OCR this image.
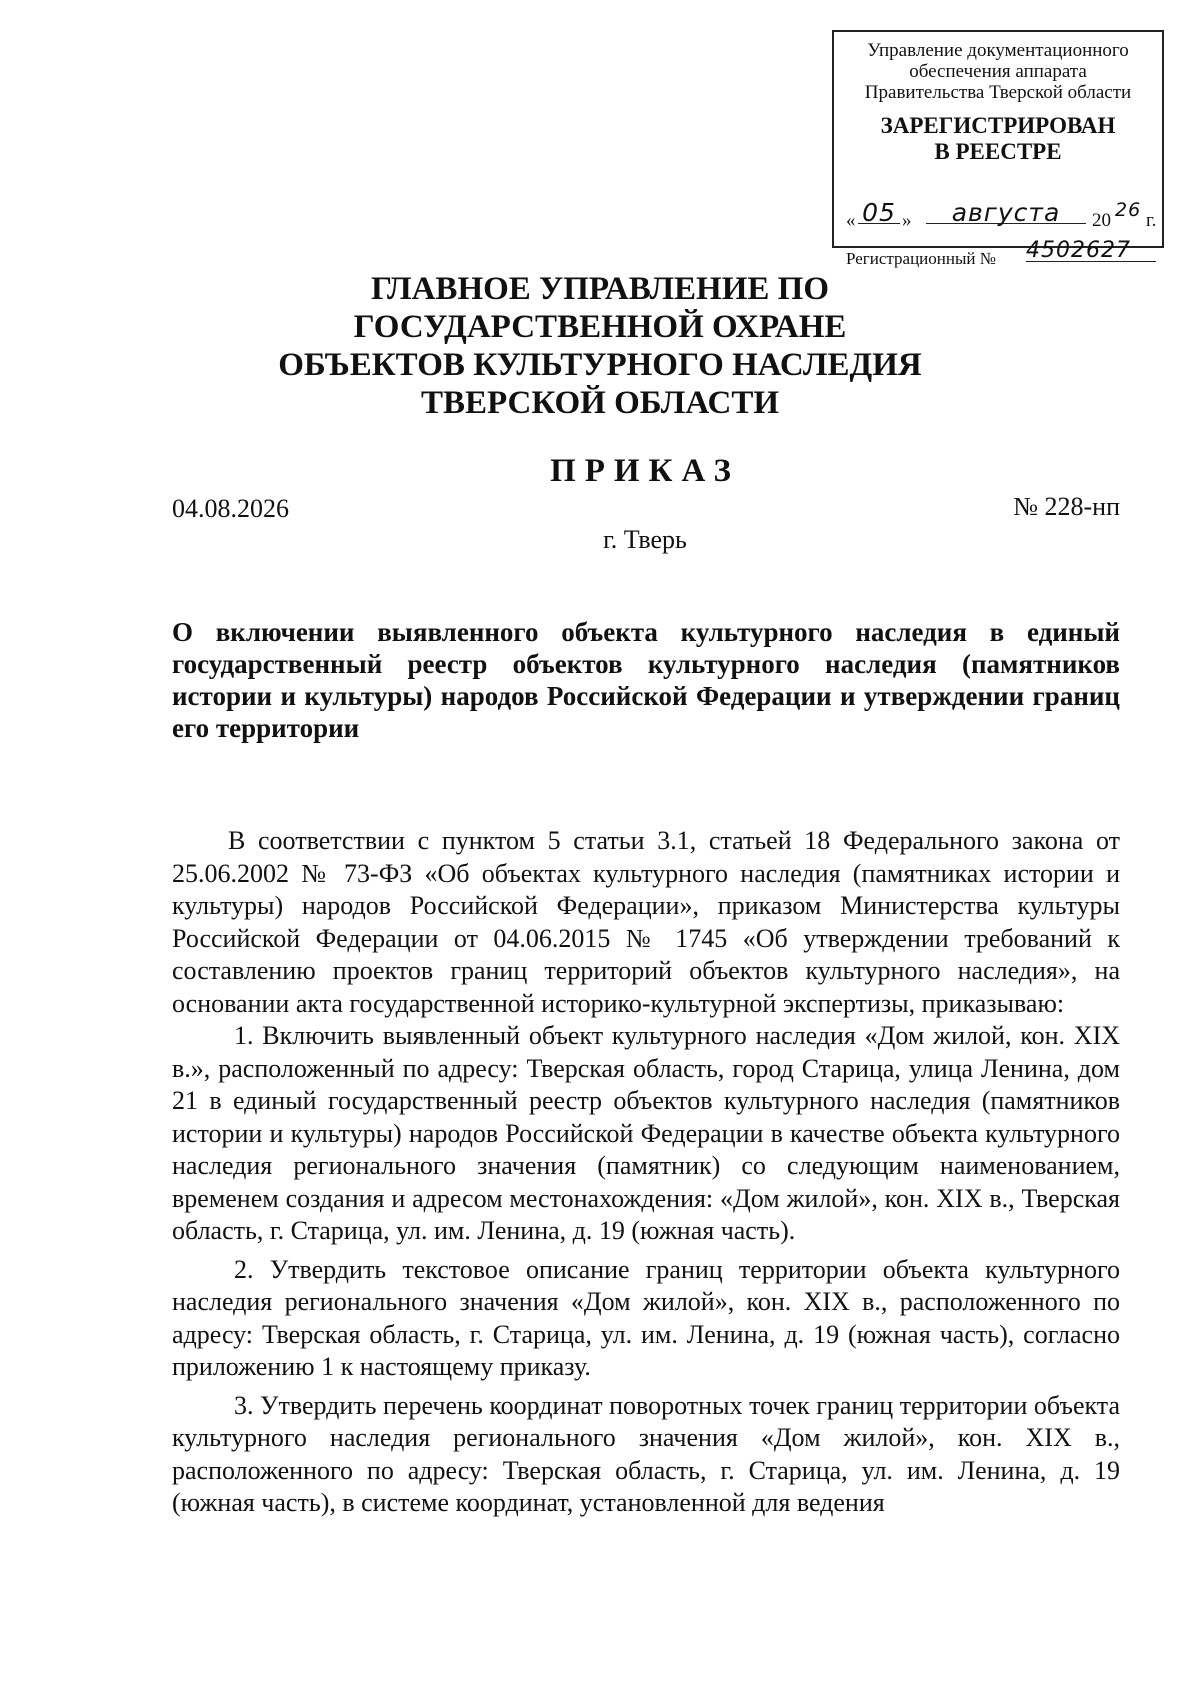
Управление документационного
обеспечения аппарата
Правительства Тверской области
ЗАРЕГИСТРИРОВАН
В РЕЕСТРЕ
« 05 »	августа	20 26 г.
Регистрационный № 4502627
ГЛАВНОЕ УПРАВЛЕНИЕ ПО
ГОСУДАРСТВЕННОЙ ОХРАНЕ
ОБЪЕКТОВ КУЛЬТУРНОГО НАСЛЕДИЯ
ТВЕРСКОЙ ОБЛАСТИ
ПРИКАЗ
04.08.2026	№ 228-нп
г. Тверь
О включении выявленного объекта культурного наследия в единый государственный реестр объектов культурного наследия (памятников истории и культуры) народов Российской Федерации и утверждении границ его территории

В соответствии с пунктом 5 статьи 3.1, статьей 18 Федерального закона от 25.06.2002 № 73-ФЗ «Об объектах культурного наследия (памятниках истории и культуры) народов Российской Федерации», приказом Министерства культуры Российской Федерации от 04.06.2015 № 1745 «Об утверждении требований к составлению проектов границ территорий объектов культурного наследия», на основании акта государственной историко-культурной экспертизы, приказываю:

1. Включить выявленный объект культурного наследия «Дом жилой, кон. XIX в.», расположенный по адресу: Тверская область, город Старица, улица Ленина, дом 21 в единый государственный реестр объектов культурного наследия (памятников истории и культуры) народов Российской Федерации в качестве объекта культурного наследия регионального значения (памятник) со следующим наименованием, временем создания и адресом местонахождения: «Дом жилой», кон. XIX в., Тверская область, г. Старица, ул. им. Ленина, д. 19 (южная часть).

2. Утвердить текстовое описание границ территории объекта культурного наследия регионального значения «Дом жилой», кон. XIX в., расположенного по адресу: Тверская область, г. Старица, ул. им. Ленина, д. 19 (южная часть), согласно приложению 1 к настоящему приказу.

3. Утвердить перечень координат поворотных точек границ территории объекта культурного наследия регионального значения «Дом жилой», кон. XIX в., расположенного по адресу: Тверская область, г. Старица, ул. им. Ленина, д. 19 (южная часть), в системе координат, установленной для ведения
